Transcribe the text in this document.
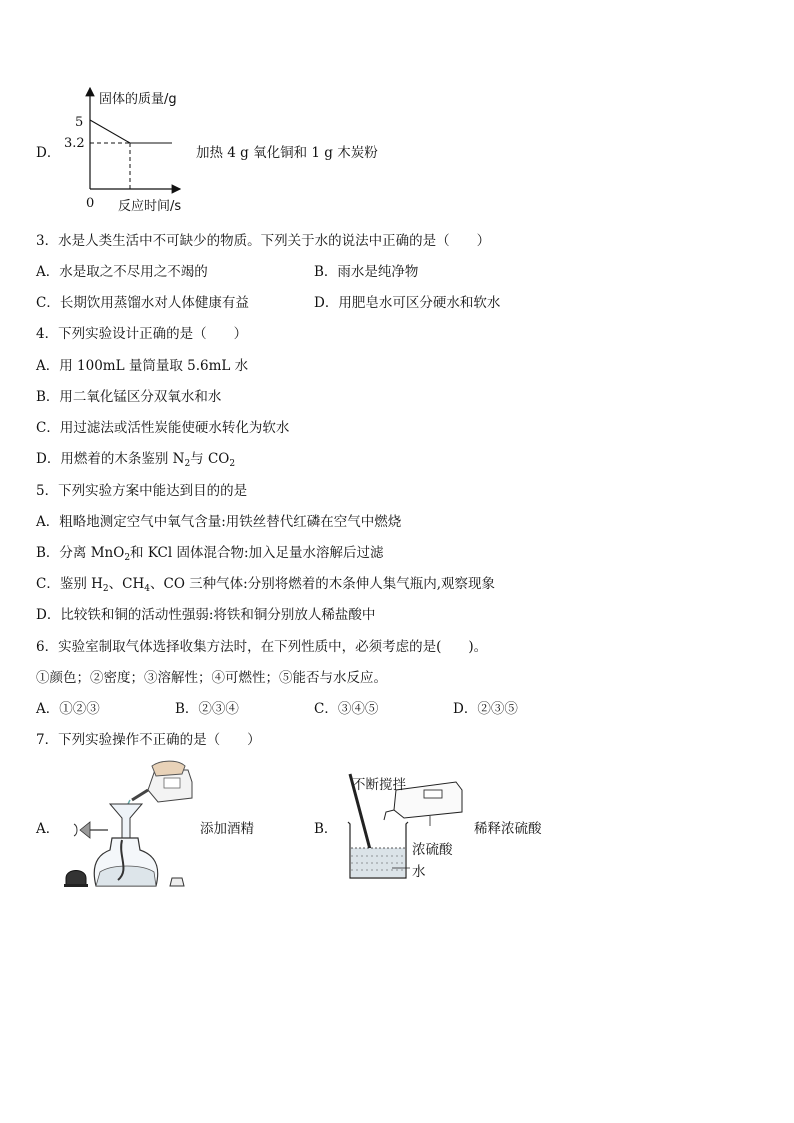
D．
固体的质量/g
5
3.2
0 反应时间/s
加热 4 g 氧化铜和 1 g 木炭粉
3．水是人类生活中不可缺少的物质。下列关于水的说法中正确的是（　　）
A．水是取之不尽用之不竭的	B．雨水是纯净物
C．长期饮用蒸馏水对人体健康有益	D．用肥皂水可区分硬水和软水
4．下列实验设计正确的是（　　）
A．用 100mL 量筒量取 5.6mL 水
B．用二氧化锰区分双氧水和水
C．用过滤法或活性炭能使硬水转化为软水
D．用燃着的木条鉴别 $N_2$与 $CO_2$
5．下列实验方案中能达到目的的是
A．粗略地测定空气中氧气含量:用铁丝替代红磷在空气中燃烧
B．分离 MnO$_2$和 KCl 固体混合物:加入足量水溶解后过滤
C．鉴别 $H_2$、$CH_4$、CO 三种气体:分别将燃着的木条伸人集气瓶内,观察现象
D．比较铁和铜的活动性强弱:将铁和铜分别放人稀盐酸中
6．实验室制取气体选择收集方法时，在下列性质中，必须考虑的是(　　)。
①颜色；②密度；③溶解性；④可燃性；⑤能否与水反应。
A．①②③	B．②③④	C．③④⑤	D．②③⑤
7．下列实验操作不正确的是（　　）
A．	添加酒精	B．
不断搅拌
浓硫酸
水
稀释浓硫酸
